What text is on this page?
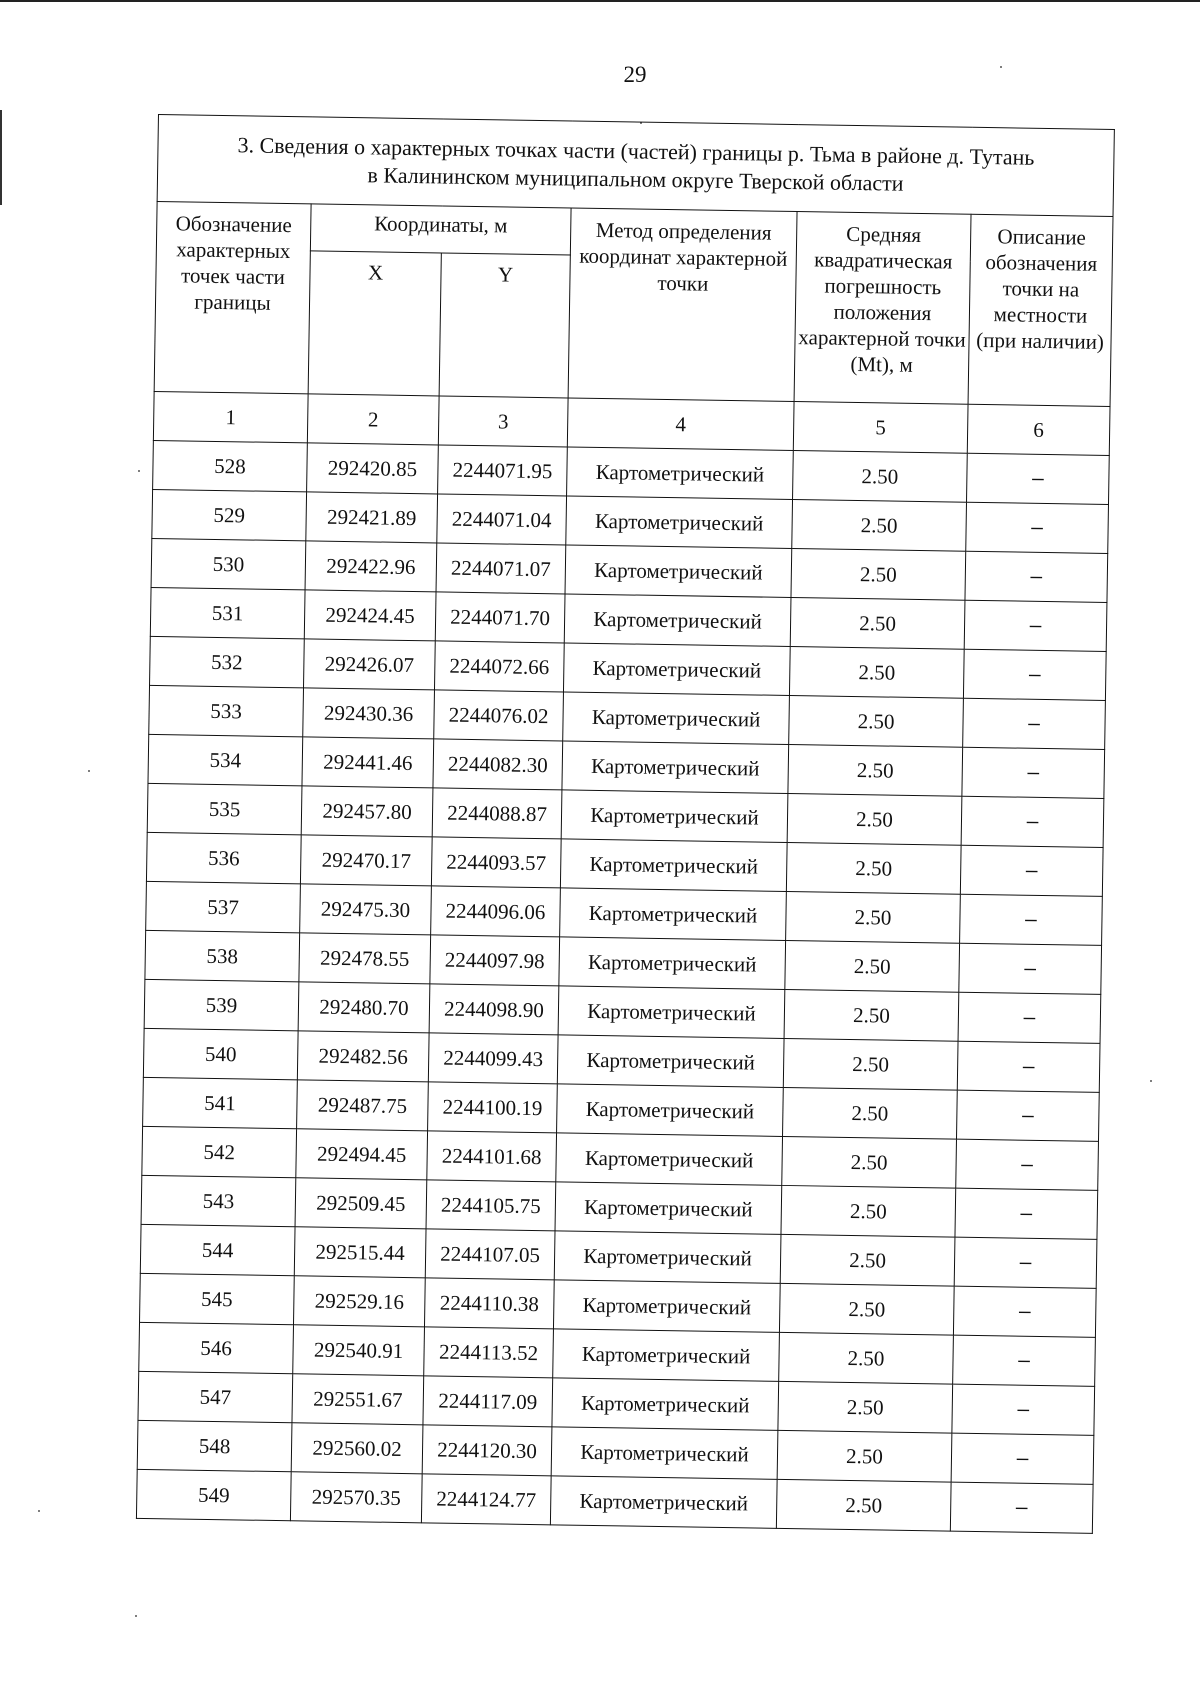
29
3. Сведения о характерных точках части (частей) границы р. Тьма в районе д. Тутань
в Калининском муниципальном округе Тверской области					

Обозначение характерных точек части границы	Координаты, м		Метод определения координат характерной точки	Средняя квадратическая погрешность положения характерной точки (Mt), м	Описание обозначения точки на местности (при наличии)
	X	Y			
1	2	3	4	5	6
528	292420.85	2244071.95	Картометрический	2.50	–
529	292421.89	2244071.04	Картометрический	2.50	–
530	292422.96	2244071.07	Картометрический	2.50	–
531	292424.45	2244071.70	Картометрический	2.50	–
532	292426.07	2244072.66	Картометрический	2.50	–
533	292430.36	2244076.02	Картометрический	2.50	–
534	292441.46	2244082.30	Картометрический	2.50	–
535	292457.80	2244088.87	Картометрический	2.50	–
536	292470.17	2244093.57	Картометрический	2.50	–
537	292475.30	2244096.06	Картометрический	2.50	–
538	292478.55	2244097.98	Картометрический	2.50	–
539	292480.70	2244098.90	Картометрический	2.50	–
540	292482.56	2244099.43	Картометрический	2.50	–
541	292487.75	2244100.19	Картометрический	2.50	–
542	292494.45	2244101.68	Картометрический	2.50	–
543	292509.45	2244105.75	Картометрический	2.50	–
544	292515.44	2244107.05	Картометрический	2.50	–
545	292529.16	2244110.38	Картометрический	2.50	–
546	292540.91	2244113.52	Картометрический	2.50	–
547	292551.67	2244117.09	Картометрический	2.50	–
548	292560.02	2244120.30	Картометрический	2.50	–
549	292570.35	2244124.77	Картометрический	2.50	–
